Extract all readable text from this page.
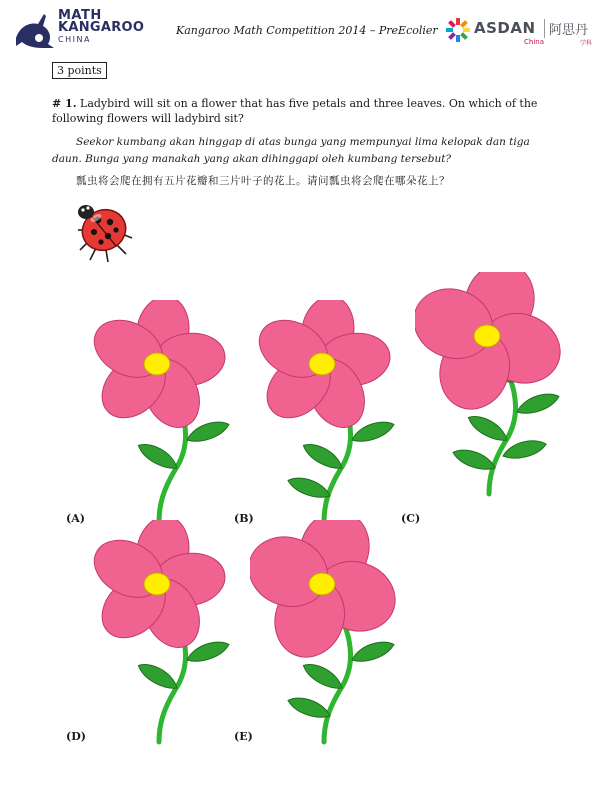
MATH
KANGAROO
CHINA
Kangaroo Math Competition 2014 – PreEcolier ASDAN
China
阿思丹
学科
3 points
# 1. Ladybird will sit on a flower that has five petals and three leaves. On which of the following flowers will ladybird sit?
Seekor kumbang akan hinggap di atas bunga yang mempunyai lima kelopak dan tiga daun. Bunga yang manakah yang akan dihinggapi oleh kumbang tersebut?
瓢虫将会爬在拥有五片花瓣和三片叶子的花上。请问瓢虫将会爬在哪朵花上？
(A)	(B)	(C)
(D)	(E)
